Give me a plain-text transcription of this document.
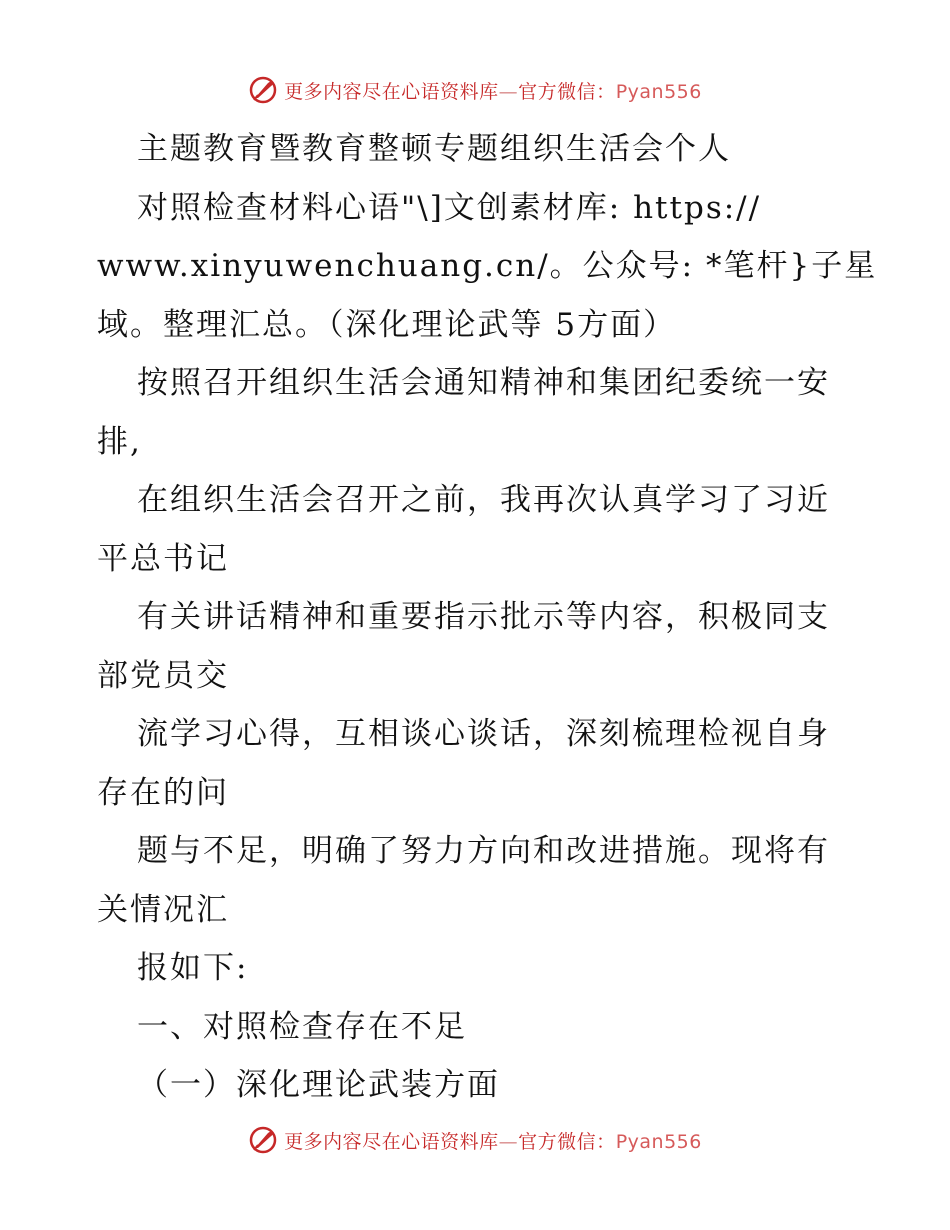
更多内容尽在心语资料库—官方微信：Pyan556
主题教育暨教育整顿专题组织生活会个人
对照检查材料心语"\]文创素材库: https://
www.xinyuwenchuang.cn/。公众号: *笔杆}子星
域。整理汇总。（深化理论武等 5方面）
按照召开组织生活会通知精神和集团纪委统一安
排,
在组织生活会召开之前，我再次认真学习了习近
平总书记
有关讲话精神和重要指示批示等内容，积极同支
部党员交
流学习心得，互相谈心谈话，深刻梳理检视自身
存在的问
题与不足，明确了努力方向和改进措施。现将有
关情况汇
报如下:
一、对照检查存在不足
（一）深化理论武装方面
更多内容尽在心语资料库—官方微信：Pyan556
